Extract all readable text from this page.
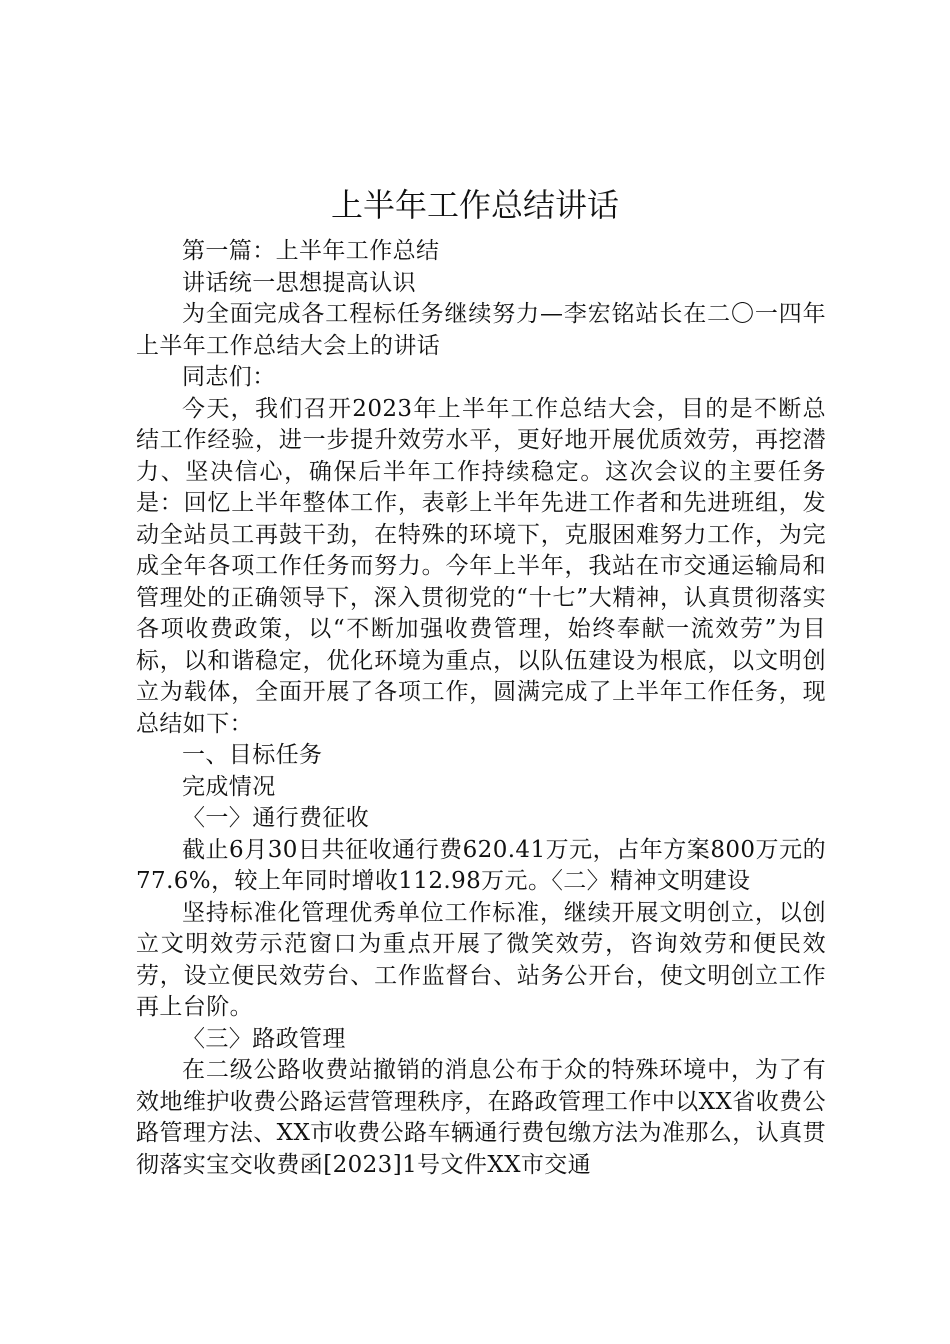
上半年工作总结讲话

第一篇：上半年工作总结

讲话统一思想提高认识

为全面完成各工程标任务继续努力—李宏铭站长在二〇一四年上半年工作总结大会上的讲话

同志们：

今天，我们召开2023年上半年工作总结大会，目的是不断总结工作经验，进一步提升效劳水平，更好地开展优质效劳，再挖潜力、坚决信心，确保后半年工作持续稳定。这次会议的主要任务是：回忆上半年整体工作，表彰上半年先进工作者和先进班组，发动全站员工再鼓干劲，在特殊的环境下，克服困难努力工作，为完成全年各项工作任务而努力。今年上半年，我站在市交通运输局和管理处的正确领导下，深入贯彻党的“十七”大精神，认真贯彻落实各项收费政策，以“不断加强收费管理，始终奉献一流效劳”为目标，以和谐稳定，优化环境为重点，以队伍建设为根底，以文明创立为载体，全面开展了各项工作，圆满完成了上半年工作任务，现总结如下：

一、目标任务

完成情况

〈一〉通行费征收

截止6月30日共征收通行费620.41万元，占年方案800万元的77.6%，较上年同时增收112.98万元。〈二〉精神文明建设

坚持标准化管理优秀单位工作标准，继续开展文明创立，以创立文明效劳示范窗口为重点开展了微笑效劳，咨询效劳和便民效劳，设立便民效劳台、工作监督台、站务公开台，使文明创立工作再上台阶。

〈三〉路政管理

在二级公路收费站撤销的消息公布于众的特殊环境中，为了有效地维护收费公路运营管理秩序，在路政管理工作中以XX省收费公路管理方法、XX市收费公路车辆通行费包缴方法为准那么，认真贯彻落实宝交收费函[2023]1号文件XX市交通
